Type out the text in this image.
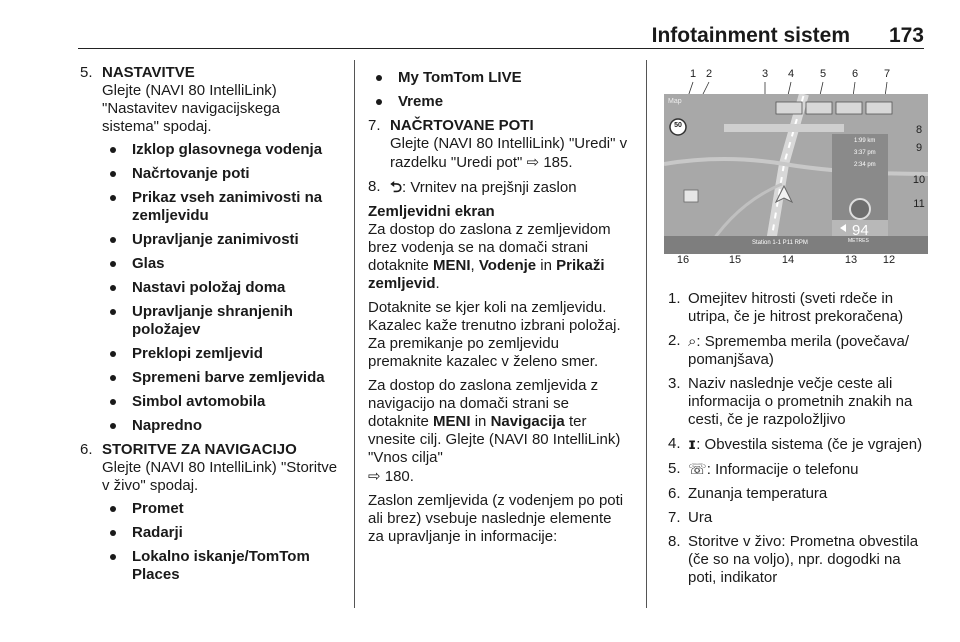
Infotainment sistem 173
5. NASTAVITVE
Glejte (NAVI 80 IntelliLink) "Nastavitev navigacijskega sistema" spodaj.
Izklop glasovnega vodenja
Načrtovanje poti
Prikaz vseh zanimivosti na zemljevidu
Upravljanje zanimivosti
Glas
Nastavi položaj doma
Upravljanje shranjenih položajev
Preklopi zemljevid
Spremeni barve zemljevida
Simbol avtomobila
Napredno
6. STORITVE ZA NAVIGACIJO
Glejte (NAVI 80 IntelliLink) "Storitve v živo" spodaj.
Promet
Radarji
Lokalno iskanje/TomTom Places
My TomTom LIVE
Vreme
7. NAČRTOVANE POTI
Glejte (NAVI 80 IntelliLink) "Uredi" v razdelku "Uredi pot" ⇨ 185.
8. ⮌: Vrnitev na prejšnji zaslon
Zemljevidni ekran

Za dostop do zaslona z zemljevidom brez vodenja se na domači strani dotaknite MENI, Vodenje in Prikaži zemljevid.

Dotaknite se kjer koli na zemljevidu. Kazalec kaže trenutno izbrani položaj. Za premikanje po zemljevidu premaknite kazalec v želeno smer.

Za dostop do zaslona zemljevida z navigacijo na domači strani se dotaknite MENI in Navigacija ter vnesite cilj. Glejte (NAVI 80 IntelliLink) "Vnos cilja"
⇨ 180.

Zaslon zemljevida (z vodenjem po poti ali brez) vsebuje naslednje elemente za upravljanje in informacije:

1 2	3	4	5	6	7
50
Map
94
METRES
Station 1-1 P11 RPM
1:99 km
3:37 pm
2:34 pm
8
9
10
11
16	15	14	13 12
1. Omejitev hitrosti (sveti rdeče in utripa, če je hitrost prekoračena)
2. ⌕: Sprememba merila (povečava/ pomanjšava)
3. Naziv naslednje večje ceste ali informacija o prometnih znakih na cesti, če je razpoložljivo
4. ɪ: Obvestila sistema (če je vgrajen)
5. ☏: Informacije o telefonu
6. Zunanja temperatura
7. Ura
8. Storitve v živo: Prometna obvestila (če so na voljo), npr. dogodki na poti, indikator
